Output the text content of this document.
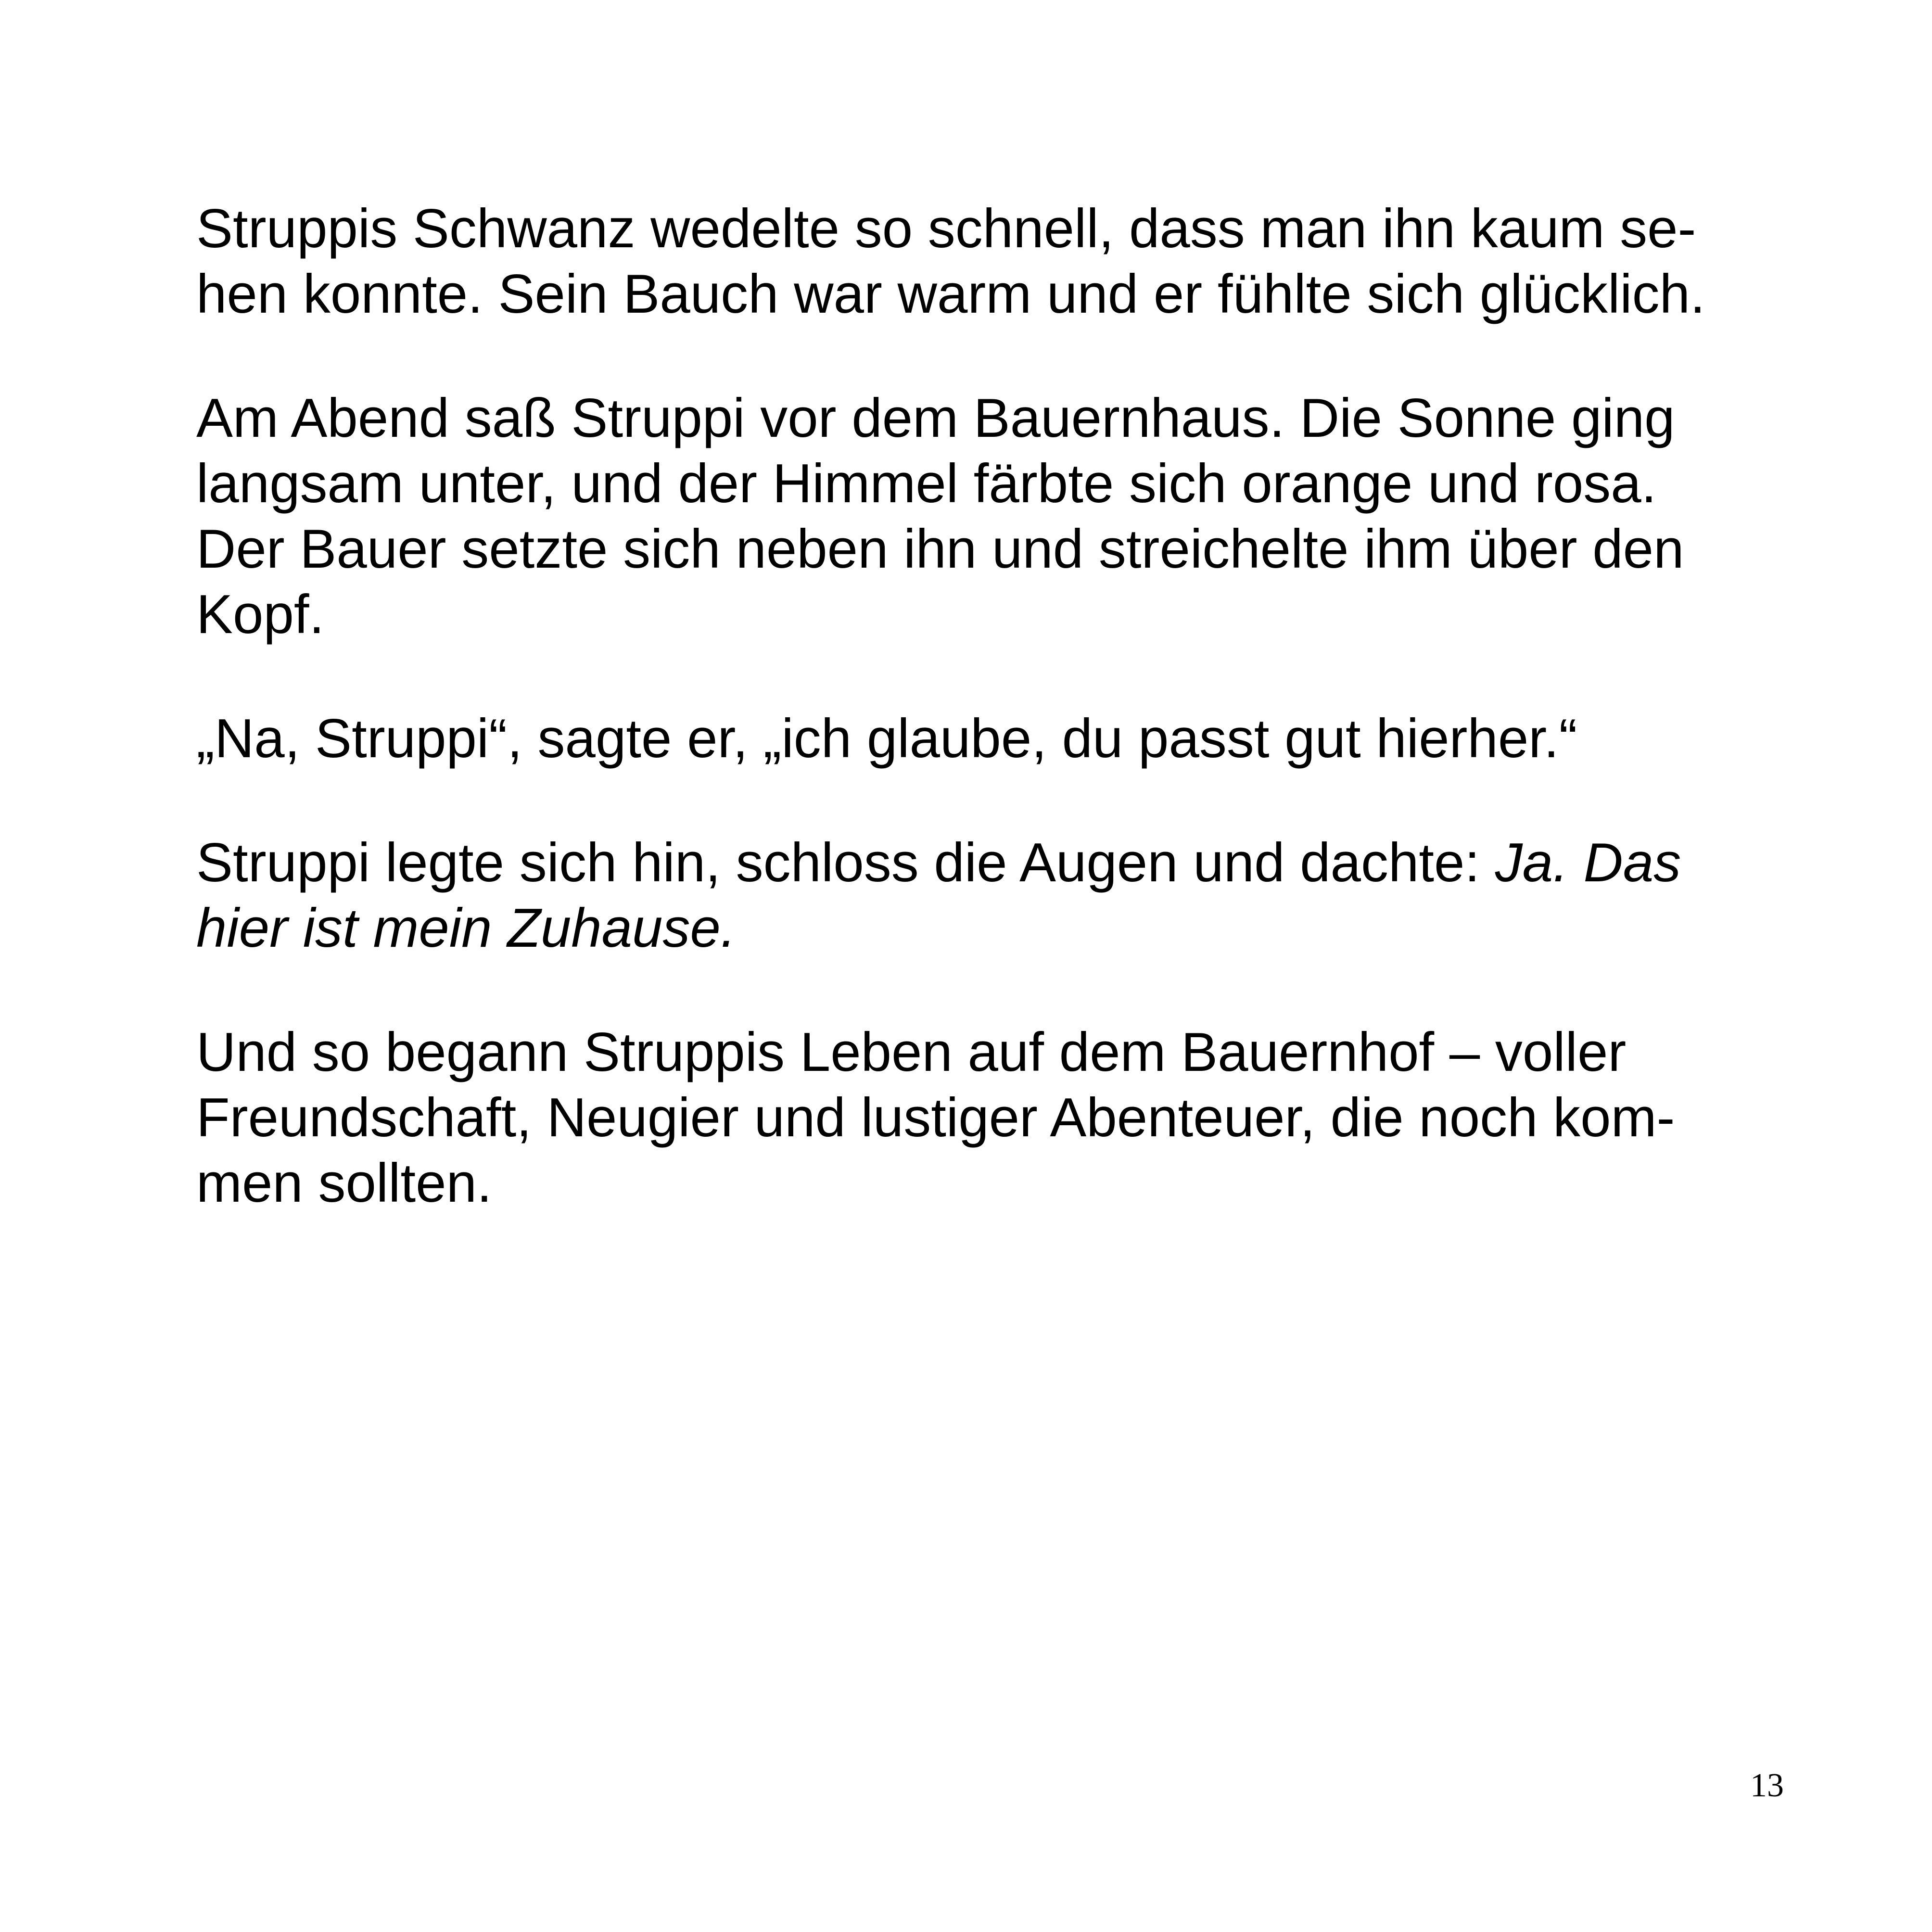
Struppis Schwanz wedelte so schnell, dass man ihn kaum se-
hen konnte. Sein Bauch war warm und er fühlte sich glücklich.

Am Abend saß Struppi vor dem Bauernhaus. Die Sonne ging
langsam unter, und der Himmel färbte sich orange und rosa.
Der Bauer setzte sich neben ihn und streichelte ihm über den
Kopf.

„Na, Struppi“, sagte er, „ich glaube, du passt gut hierher.“

Struppi legte sich hin, schloss die Augen und dachte: Ja. Das
hier ist mein Zuhause.

Und so begann Struppis Leben auf dem Bauernhof – voller
Freundschaft, Neugier und lustiger Abenteuer, die noch kom-
men sollten.

13
